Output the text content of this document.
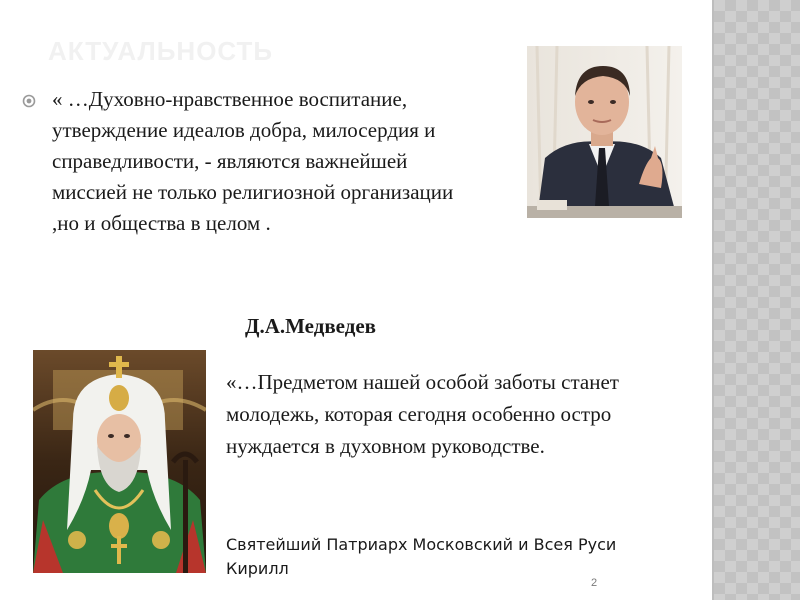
АКТУАЛЬНОСТЬ

« …Духовно-нравственное воспитание, утверждение идеалов добра, милосердия и справедливости, - являются важнейшей миссией не только религиозной организации ,но и общества в целом .

Д.А.Медведев

«…Предметом нашей особой заботы станет молодежь, которая сегодня особенно остро нуждается в духовном руководстве.

Святейший Патриарх Московский и Всея Руси Кирилл

2
